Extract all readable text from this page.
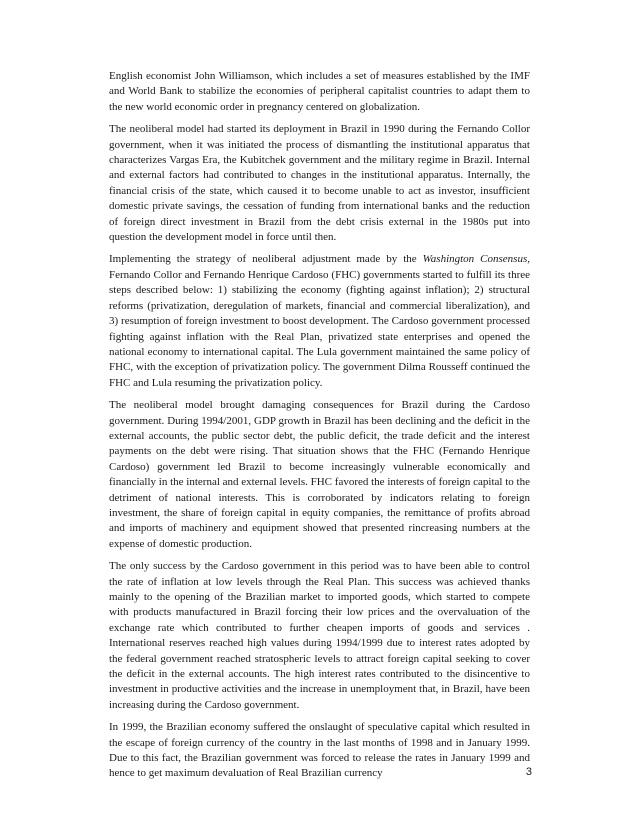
English economist John Williamson, which includes a set of measures established by the IMF and World Bank to stabilize the economies of peripheral capitalist countries to adapt them to the new world economic order in pregnancy centered on globalization.

The neoliberal model had started its deployment in Brazil in 1990 during the Fernando Collor government, when it was initiated the process of dismantling the institutional apparatus that characterizes Vargas Era, the Kubitchek government and the military regime in Brazil. Internal and external factors had contributed to changes in the institutional apparatus. Internally, the financial crisis of the state, which caused it to become unable to act as investor, insufficient domestic private savings, the cessation of funding from international banks and the reduction of foreign direct investment in Brazil from the debt crisis external in the 1980s put into question the development model in force until then.

Implementing the strategy of neoliberal adjustment made by the Washington Consensus, Fernando Collor and Fernando Henrique Cardoso (FHC) governments started to fulfill its three steps described below: 1) stabilizing the economy (fighting against inflation); 2) structural reforms (privatization, deregulation of markets, financial and commercial liberalization), and 3) resumption of foreign investment to boost development. The Cardoso government processed fighting against inflation with the Real Plan, privatized state enterprises and opened the national economy to international capital. The Lula government maintained the same policy of FHC, with the exception of privatization policy. The government Dilma Rousseff continued the FHC and Lula resuming the privatization policy.

The neoliberal model brought damaging consequences for Brazil during the Cardoso government. During 1994/2001, GDP growth in Brazil has been declining and the deficit in the external accounts, the public sector debt, the public deficit, the trade deficit and the interest payments on the debt were rising. That situation shows that the FHC (Fernando Henrique Cardoso) government led Brazil to become increasingly vulnerable economically and financially in the internal and external levels. FHC favored the interests of foreign capital to the detriment of national interests. This is corroborated by indicators relating to foreign investment, the share of foreign capital in equity companies, the remittance of profits abroad and imports of machinery and equipment showed that presented rincreasing numbers at the expense of domestic production.

The only success by the Cardoso government in this period was to have been able to control the rate of inflation at low levels through the Real Plan. This success was achieved thanks mainly to the opening of the Brazilian market to imported goods, which started to compete with products manufactured in Brazil forcing their low prices and the overvaluation of the exchange rate which contributed to further cheapen imports of goods and services . International reserves reached high values during 1994/1999 due to interest rates adopted by the federal government reached stratospheric levels to attract foreign capital seeking to cover the deficit in the external accounts. The high interest rates contributed to the disincentive to investment in productive activities and the increase in unemployment that, in Brazil, have been increasing during the Cardoso government.

In 1999, the Brazilian economy suffered the onslaught of speculative capital which resulted in the escape of foreign currency of the country in the last months of 1998 and in January 1999. Due to this fact, the Brazilian government was forced to release the rates in January 1999 and hence to get maximum devaluation of Real Brazilian currency	3
